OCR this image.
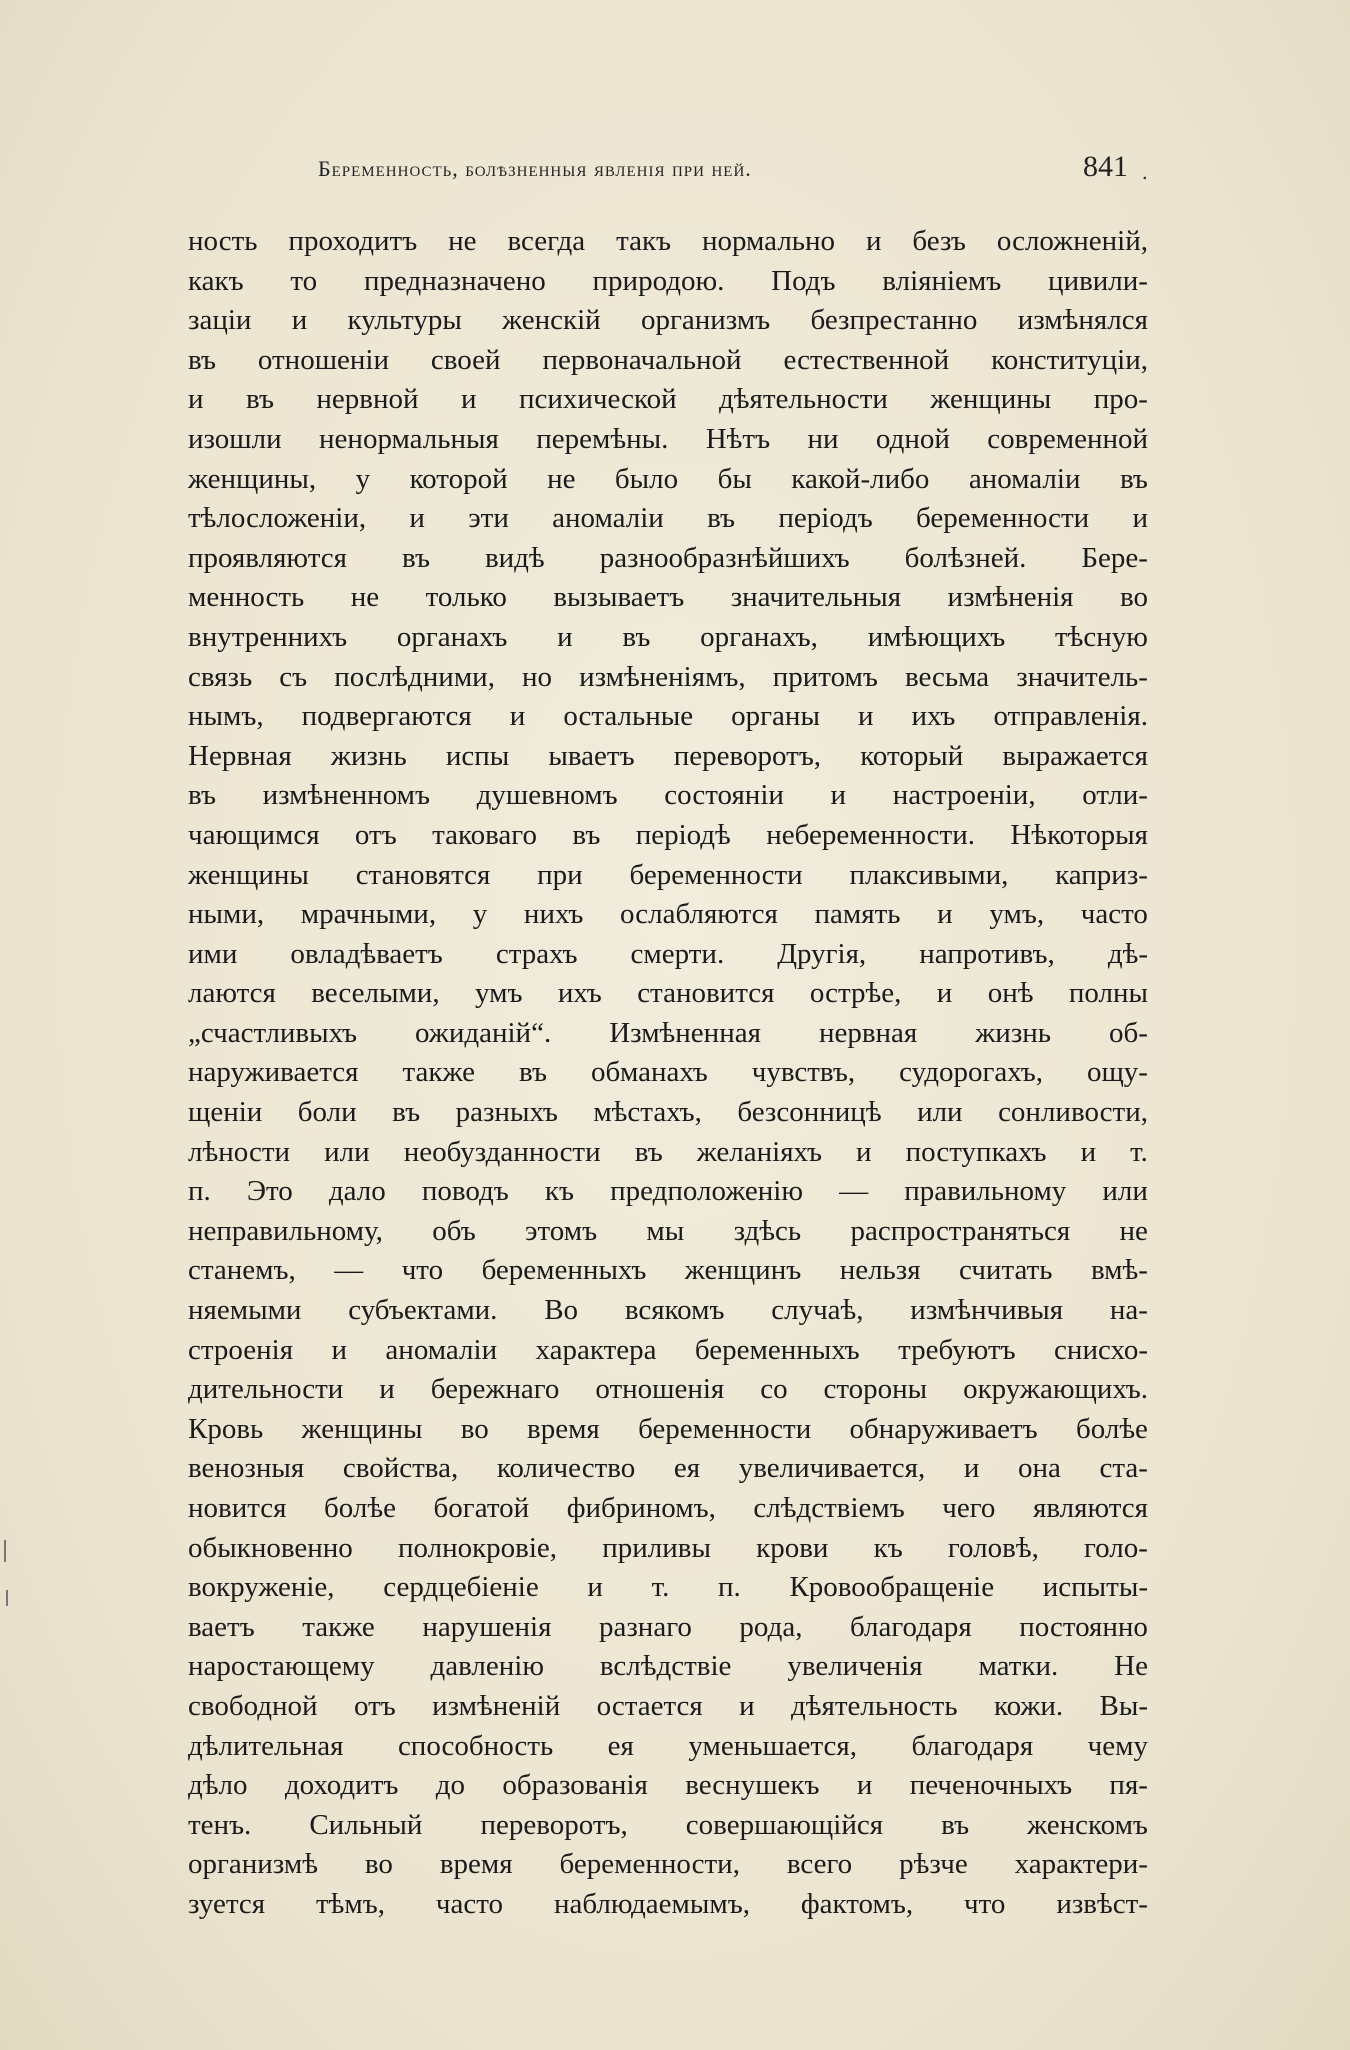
Беременность, болѣзненныя явленія при ней.	841 .
ность проходитъ не всегда такъ нормально и безъ осложненій,
какъ то предназначено природою. Подъ вліяніемъ цивили-
заціи и культуры женскій организмъ безпрестанно измѣнялся
въ отношеніи своей первоначальной естественной конституціи,
и въ нервной и психической дѣятельности женщины про-
изошли ненормальныя перемѣны. Нѣтъ ни одной современной
женщины, у которой не было бы какой-либо аномаліи въ
тѣлосложеніи, и эти аномаліи въ періодъ беременности и
проявляются въ видѣ разнообразнѣйшихъ болѣзней. Бере-
менность не только вызываетъ значительныя измѣненія во
внутреннихъ органахъ и въ органахъ, имѣющихъ тѣсную
связь съ послѣдними, но измѣненіямъ, притомъ весьма значитель-
нымъ, подвергаются и остальные органы и ихъ отправленія.
Нервная жизнь испы ываетъ переворотъ, который выражается
въ измѣненномъ душевномъ состояніи и настроеніи, отли-
чающимся отъ таковаго въ періодѣ небеременности. Нѣкоторыя
женщины становятся при беременности плаксивыми, каприз-
ными, мрачными, у нихъ ослабляются память и умъ, часто
ими овладѣваетъ страхъ смерти. Другія, напротивъ, дѣ-
лаются веселыми, умъ ихъ становится острѣе, и онѣ полны
„счастливыхъ ожиданій“. Измѣненная нервная жизнь об-
наруживается также въ обманахъ чувствъ, судорогахъ, ощу-
щеніи боли въ разныхъ мѣстахъ, безсонницѣ или сонливости,
лѣности или необузданности въ желаніяхъ и поступкахъ и т.
п. Это дало поводъ къ предположенію — правильному или
неправильному, объ этомъ мы здѣсь распространяться не
станемъ, — что беременныхъ женщинъ нельзя считать вмѣ-
няемыми субъектами. Во всякомъ случаѣ, измѣнчивыя на-
строенія и аномаліи характера беременныхъ требуютъ снисхо-
дительности и бережнаго отношенія со стороны окружающихъ.
Кровь женщины во время беременности обнаруживаетъ болѣе
венозныя свойства, количество ея увеличивается, и она ста-
новится болѣе богатой фибриномъ, слѣдствіемъ чего являются
обыкновенно полнокровіе, приливы крови къ головѣ, голо-
вокруженіе, сердцебіеніе и т. п. Кровообращеніе испыты-
ваетъ также нарушенія разнаго рода, благодаря постоянно
наростающему давленію вслѣдствіе увеличенія матки. Не
свободной отъ измѣненій остается и дѣятельность кожи. Вы-
дѣлительная способность ея уменьшается, благодаря чему
дѣло доходитъ до образованія веснушекъ и печеночныхъ пя-
тенъ. Сильный переворотъ, совершающійся въ женскомъ
организмѣ во время беременности, всего рѣзче характери-
зуется тѣмъ, часто наблюдаемымъ, фактомъ, что извѣст-
